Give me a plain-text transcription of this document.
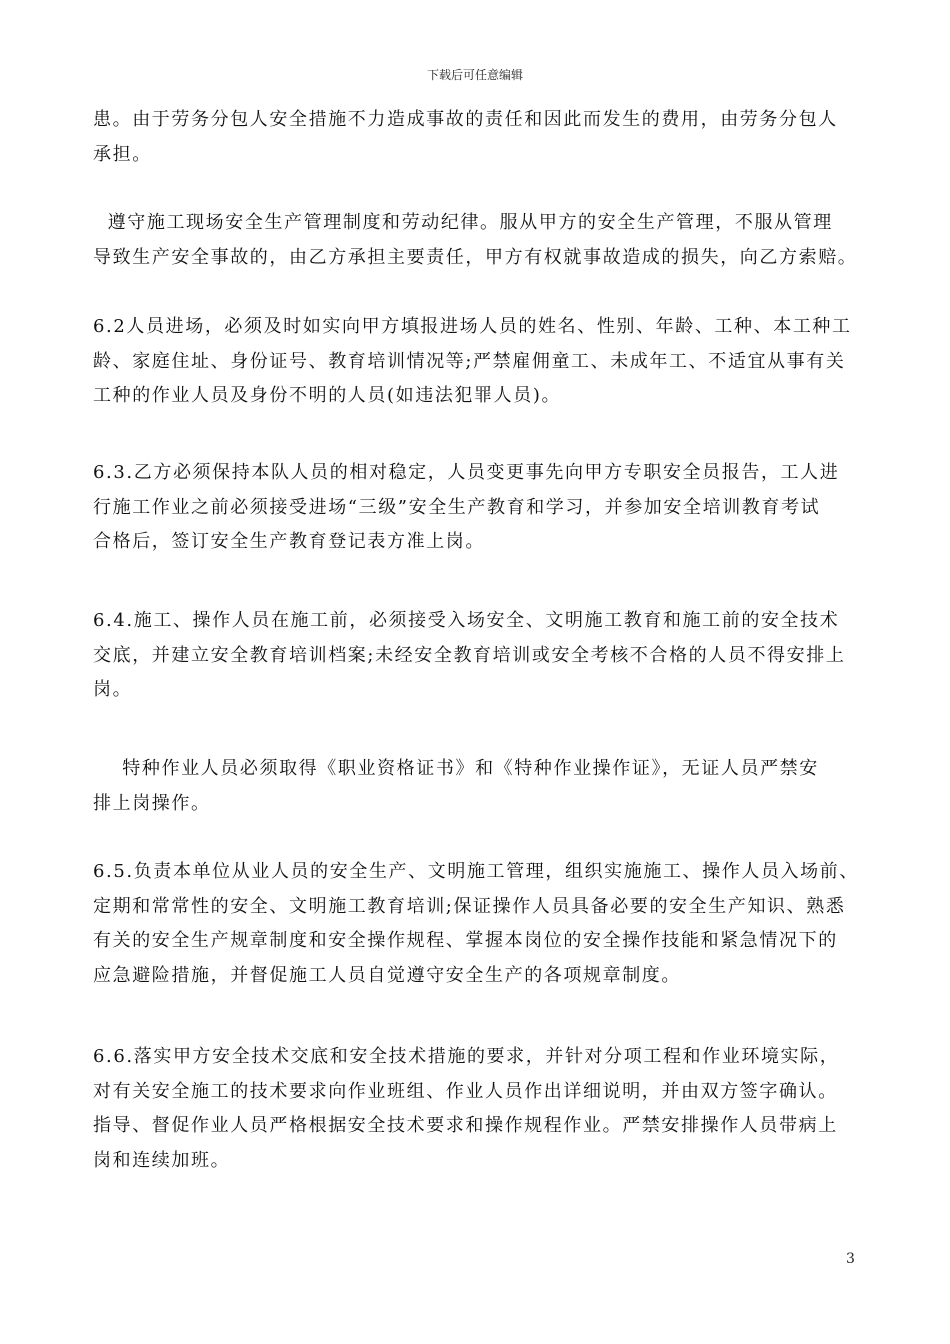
下载后可任意编辑
患。由于劳务分包人安全措施不力造成事故的责任和因此而发生的费用，由劳务分包人
承担。
遵守施工现场安全生产管理制度和劳动纪律。服从甲方的安全生产管理，不服从管理
导致生产安全事故的，由乙方承担主要责任，甲方有权就事故造成的损失，向乙方索赔。
6.2人员进场，必须及时如实向甲方填报进场人员的姓名、性别、年龄、工种、本工种工
龄、家庭住址、身份证号、教育培训情况等;严禁雇佣童工、未成年工、不适宜从事有关
工种的作业人员及身份不明的人员(如违法犯罪人员)。
6.3.乙方必须保持本队人员的相对稳定，人员变更事先向甲方专职安全员报告，工人进
行施工作业之前必须接受进场“三级”安全生产教育和学习，并参加安全培训教育考试
合格后，签订安全生产教育登记表方准上岗。
6.4.施工、操作人员在施工前，必须接受入场安全、文明施工教育和施工前的安全技术
交底，并建立安全教育培训档案;未经安全教育培训或安全考核不合格的人员不得安排上
岗。
特种作业人员必须取得《职业资格证书》和《特种作业操作证》，无证人员严禁安
排上岗操作。
6.5.负责本单位从业人员的安全生产、文明施工管理，组织实施施工、操作人员入场前、
定期和常常性的安全、文明施工教育培训;保证操作人员具备必要的安全生产知识、熟悉
有关的安全生产规章制度和安全操作规程、掌握本岗位的安全操作技能和紧急情况下的
应急避险措施，并督促施工人员自觉遵守安全生产的各项规章制度。
6.6.落实甲方安全技术交底和安全技术措施的要求，并针对分项工程和作业环境实际，
对有关安全施工的技术要求向作业班组、作业人员作出详细说明，并由双方签字确认。
指导、督促作业人员严格根据安全技术要求和操作规程作业。严禁安排操作人员带病上
岗和连续加班。
3
